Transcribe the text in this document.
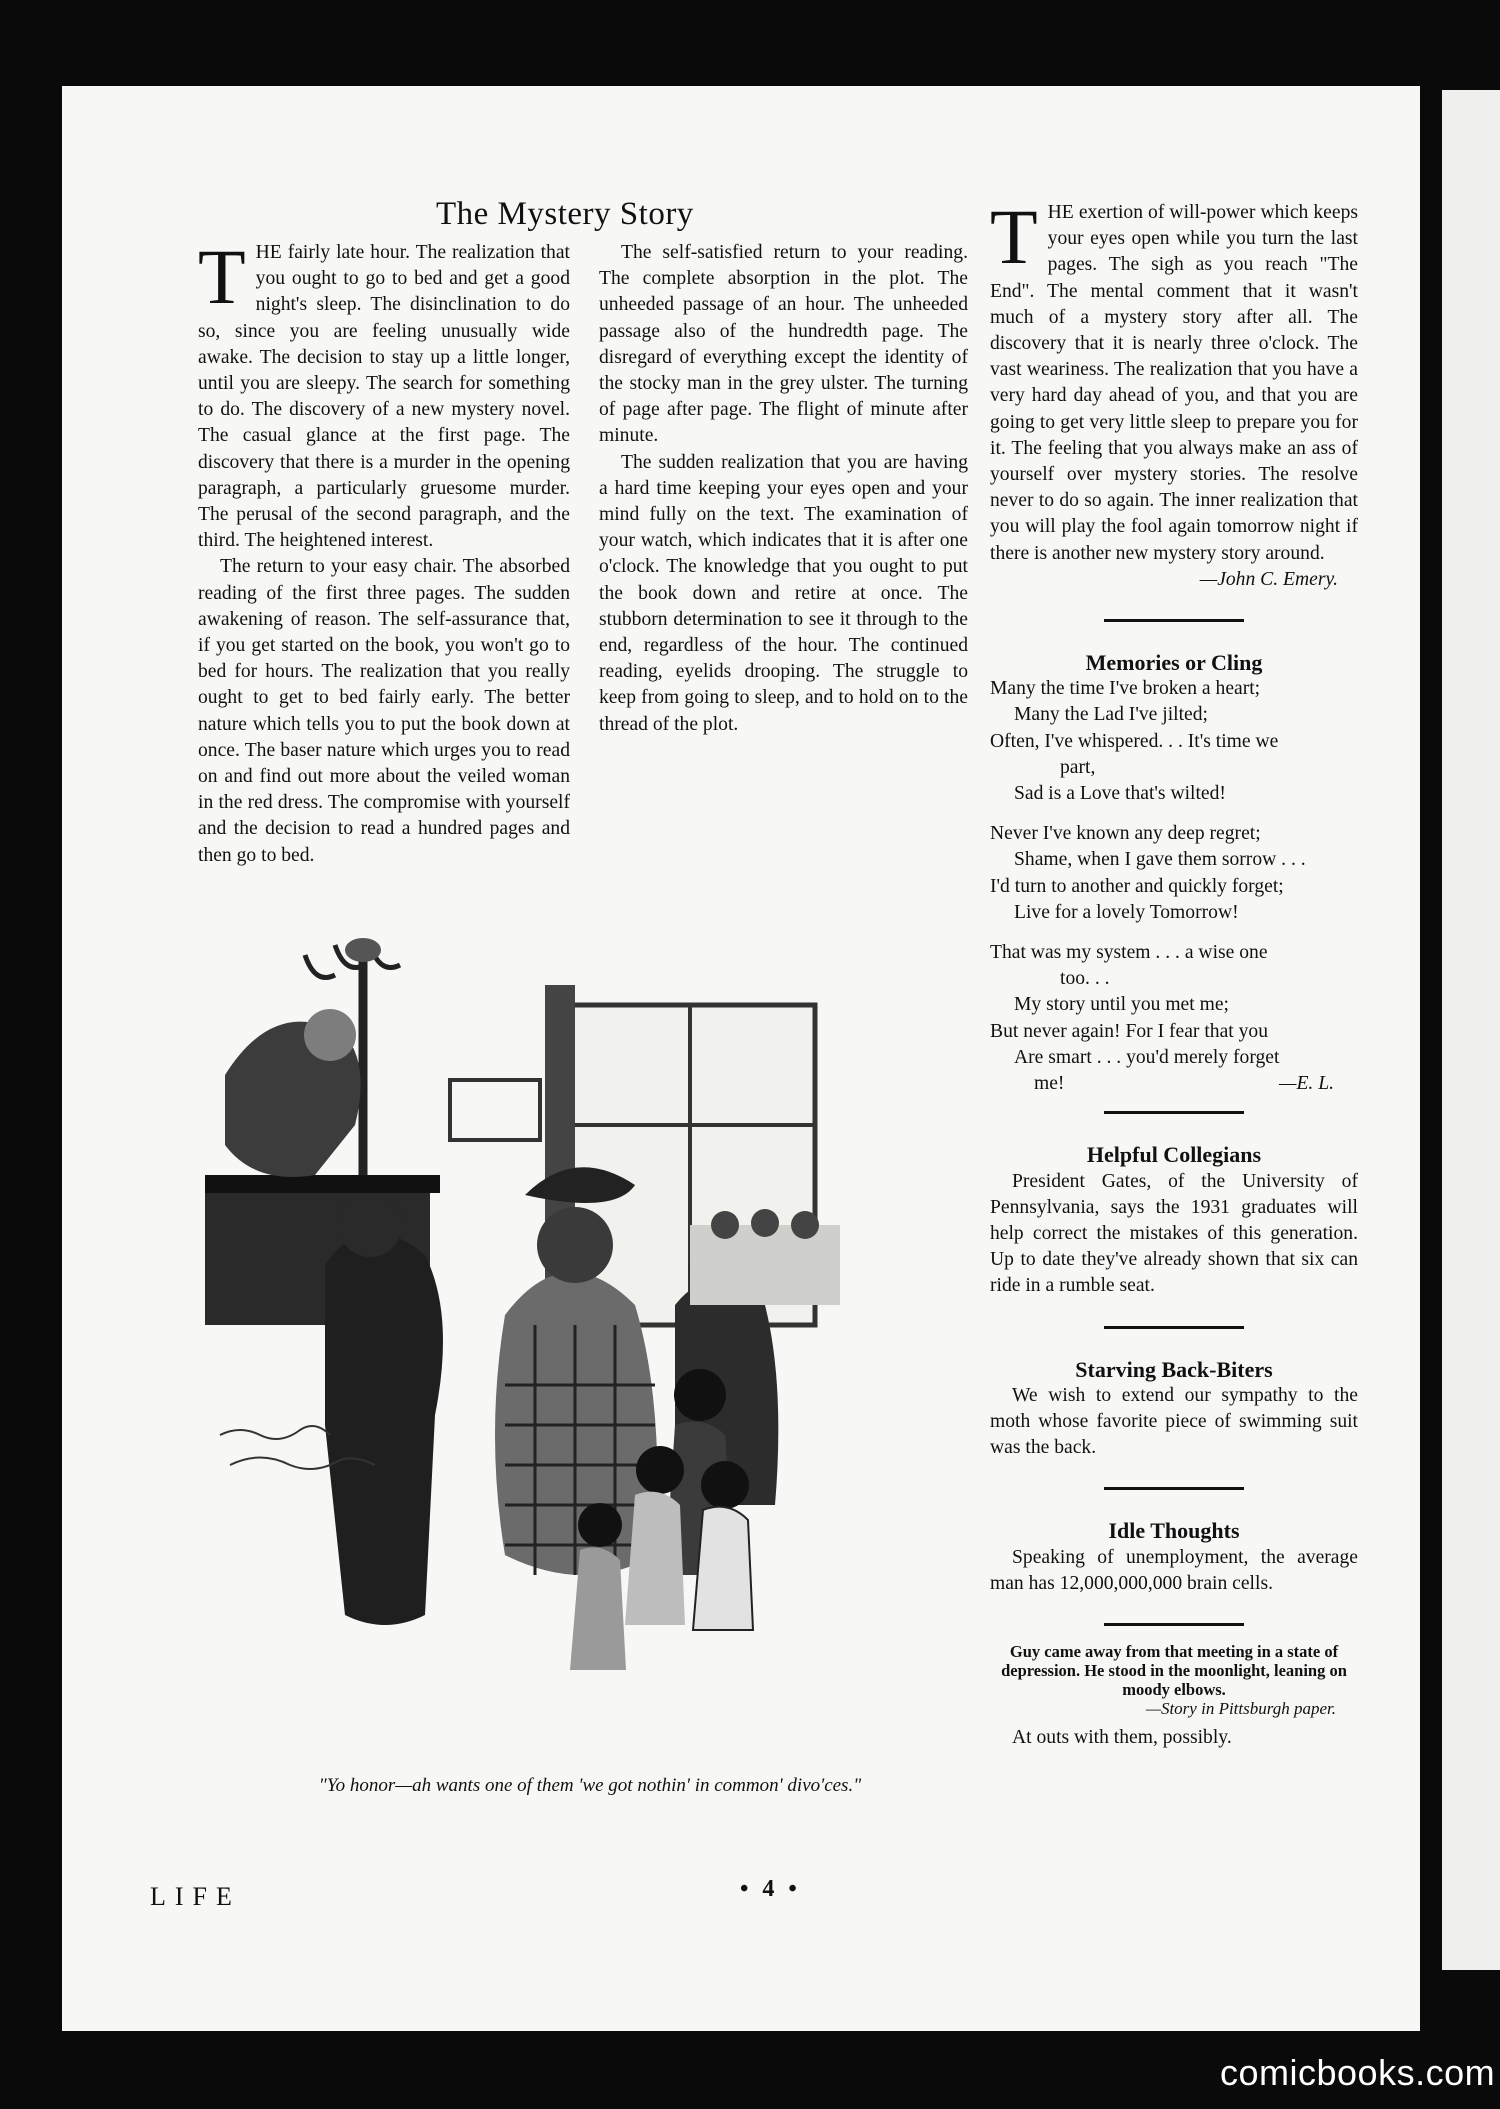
The Mystery Story

THE fairly late hour. The realization that you ought to go to bed and get a good night's sleep. The disinclination to do so, since you are feeling unusually wide awake. The decision to stay up a little longer, until you are sleepy. The search for something to do. The discovery of a new mystery novel. The casual glance at the first page. The discovery that there is a murder in the opening paragraph, a particularly gruesome murder. The perusal of the second paragraph, and the third. The heightened interest.

The return to your easy chair. The absorbed reading of the first three pages. The sudden awakening of reason. The self-assurance that, if you get started on the book, you won't go to bed for hours. The realization that you really ought to get to bed fairly early. The better nature which tells you to put the book down at once. The baser nature which urges you to read on and find out more about the veiled woman in the red dress. The compromise with yourself and the decision to read a hundred pages and then go to bed.

The self-satisfied return to your reading. The complete absorption in the plot. The unheeded passage of an hour. The unheeded passage also of the hundredth page. The disregard of everything except the identity of the stocky man in the grey ulster. The turning of page after page. The flight of minute after minute.

The sudden realization that you are having a hard time keeping your eyes open and your mind fully on the text. The examination of your watch, which indicates that it is after one o'clock. The knowledge that you ought to put the book down and retire at once. The stubborn determination to see it through to the end, regardless of the hour. The continued reading, eyelids drooping. The struggle to keep from going to sleep, and to hold on to the thread of the plot.

THE exertion of will-power which keeps your eyes open while you turn the last pages. The sigh as you reach "The End". The mental comment that it wasn't much of a mystery story after all. The discovery that it is nearly three o'clock. The vast weariness. The realization that you have a very hard day ahead of you, and that you are going to get very little sleep to prepare you for it. The feeling that you always make an ass of yourself over mystery stories. The resolve never to do so again. The inner realization that you will play the fool again tomorrow night if there is another new mystery story around.

—John C. Emery.

Memories or Cling

Many the time I've broken a heart;
Many the Lad I've jilted;
Often, I've whispered. . . It's time we
part,
Sad is a Love that's wilted!
Never I've known any deep regret;
Shame, when I gave them sorrow . . .
I'd turn to another and quickly forget;
Live for a lovely Tomorrow!
That was my system . . . a wise one
too. . .
My story until you met me;
But never again! For I fear that you
Are smart . . . you'd merely forget
me!	—E. L.

Helpful Collegians

President Gates, of the University of Pennsylvania, says the 1931 graduates will help correct the mistakes of this generation. Up to date they've already shown that six can ride in a rumble seat.

Starving Back-Biters

We wish to extend our sympathy to the moth whose favorite piece of swimming suit was the back.

Idle Thoughts

Speaking of unemployment, the average man has 12,000,000,000 brain cells.

Guy came away from that meeting in a state of depression. He stood in the moonlight, leaning on moody elbows.

—Story in Pittsburgh paper.

At outs with them, possibly.

"Yo honor—ah wants one of them 'we got nothin' in common' divo'ces."
LIFE	• 4 •
comicbooks.com
